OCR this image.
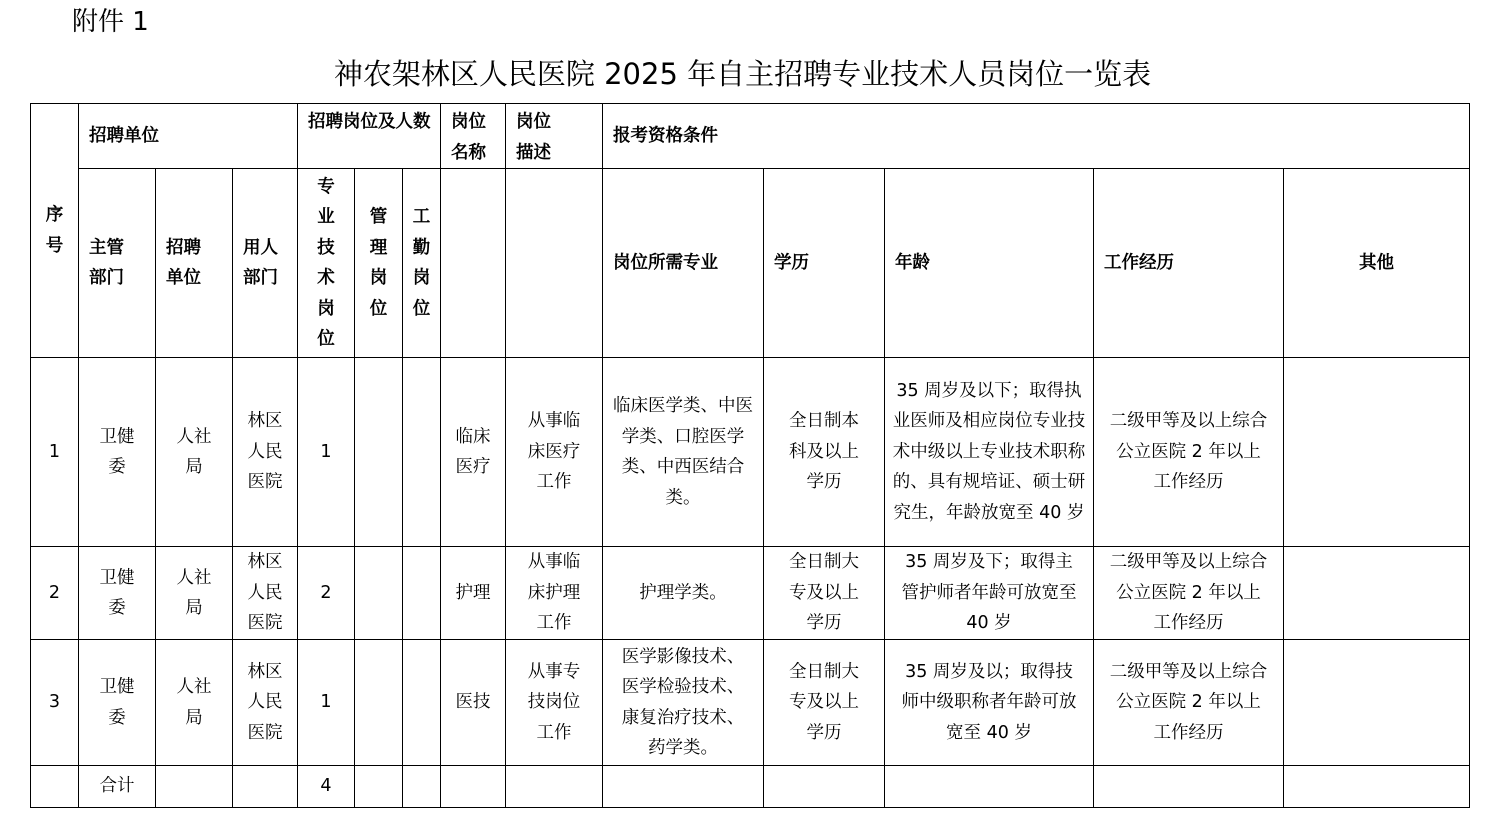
附件 1
神农架林区人民医院 2025 年自主招聘专业技术人员岗位一览表
序号	招聘单位			招聘岗位及人数			岗位名称	岗位描述	报考资格条件				

	主管部门	招聘单位	用人部门	专业技术岗位	管理岗位	工勤岗位			岗位所需专业	学历	年龄	工作经历	其他
1	卫健委	人社局	林区人民医院	1			临床医疗	从事临床医疗工作	临床医学类、中医学类、口腔医学类、中西医结合类。	全日制本科及以上学历	35 周岁及以下；取得执业医师及相应岗位专业技术中级以上专业技术职称的、具有规培证、硕士研究生，年龄放宽至 40 岁	二级甲等及以上综合公立医院 2 年以上工作经历	

2	卫健委	人社局	林区人民医院	2			护理	从事临床护理工作	护理学类。	全日制大专及以上学历	35 周岁及下；取得主管护师者年龄可放宽至 40 岁	二级甲等及以上综合公立医院 2 年以上工作经历	

3	卫健委	人社局	林区人民医院	1			医技	从事专技岗位工作	医学影像技术、医学检验技术、康复治疗技术、药学类。	全日制大专及以上学历	35 周岁及以；取得技师中级职称者年龄可放宽至 40 岁	二级甲等及以上综合公立医院 2 年以上工作经历	

	合计			4									
